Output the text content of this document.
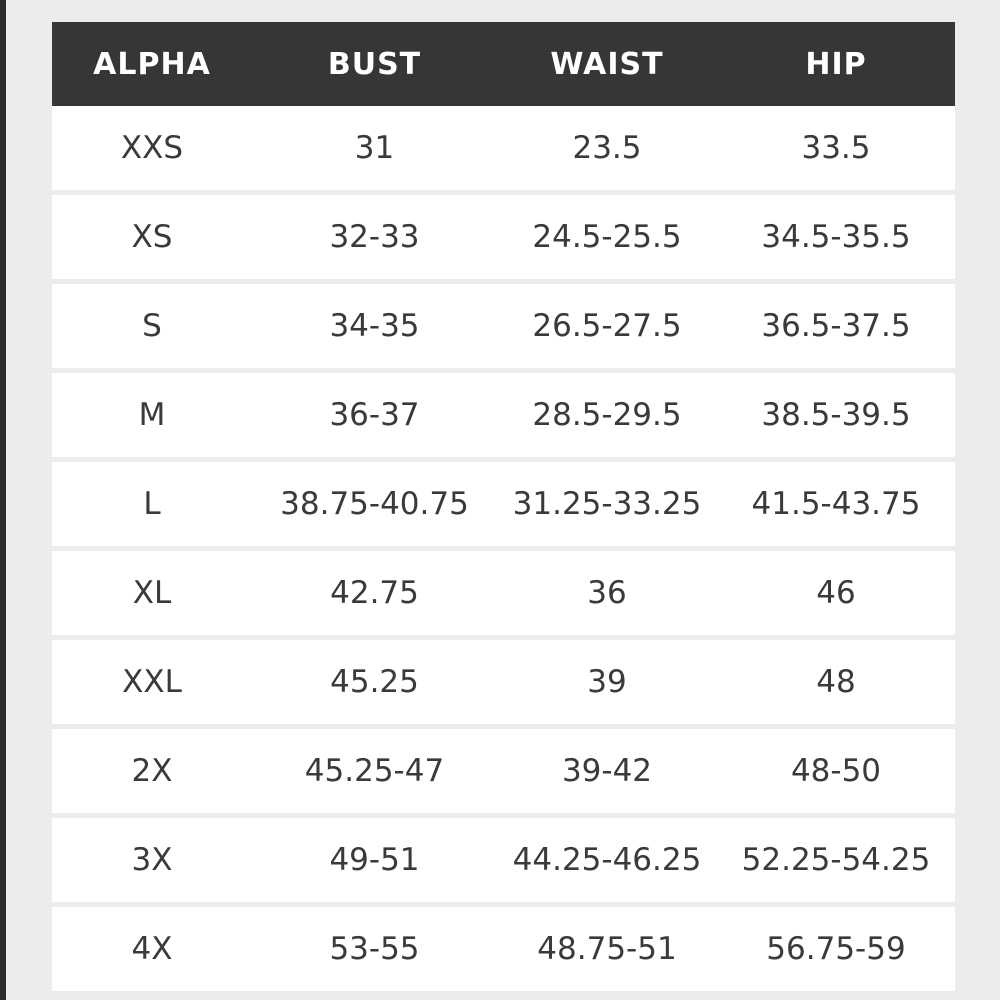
ALPHA	BUST	WAIST	HIP
XXS	31	23.5	33.5
XS	32-33	24.5-25.5	34.5-35.5
S	34-35	26.5-27.5	36.5-37.5
M	36-37	28.5-29.5	38.5-39.5
L	38.75-40.75	31.25-33.25	41.5-43.75
XL	42.75	36	46
XXL	45.25	39	48
2X	45.25-47	39-42	48-50
3X	49-51	44.25-46.25	52.25-54.25
4X	53-55	48.75-51	56.75-59
